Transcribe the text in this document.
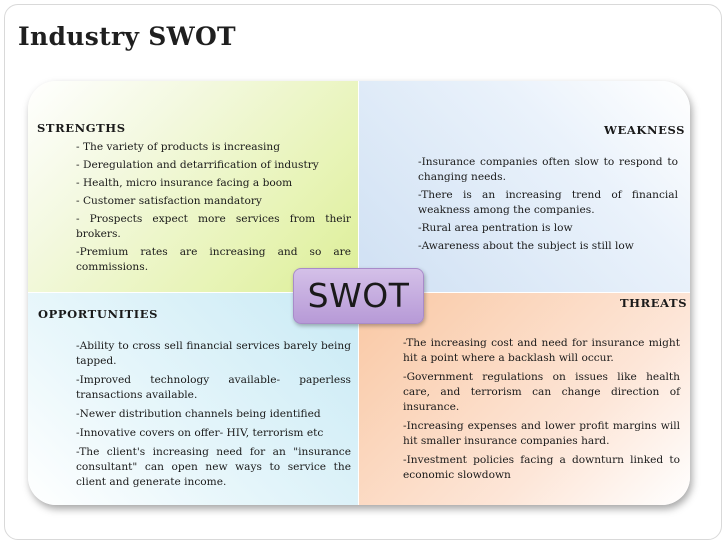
Industry SWOT
STRENGTHS	WEAKNESS
OPPORTUNITIES
THREATS
- The variety of products is increasing
- Deregulation and detarrification of industry
- Health, micro insurance facing a boom
- Customer satisfaction mandatory
- Prospects expect more services from their brokers.
-Premium rates are increasing and so are commissions.
-Insurance companies often slow to respond to changing needs.
-There is an increasing trend of financial weakness among the companies.
-Rural area pentration is low
-Awareness about the subject is still low
-Ability to cross sell financial services barely being tapped.
-Improved technology available- paperless transactions available.
-Newer distribution channels being identified
-Innovative covers on offer- HIV, terrorism etc
-The client's increasing need for an "insurance consultant" can open new ways to service the client and generate income.
-The increasing cost and need for insurance might hit a point where a backlash will occur.
-Government regulations on issues like health care, and terrorism can change direction of insurance.
-Increasing expenses and lower profit margins will hit smaller insurance companies hard.
-Investment policies facing a downturn linked to economic slowdown
SWOT
